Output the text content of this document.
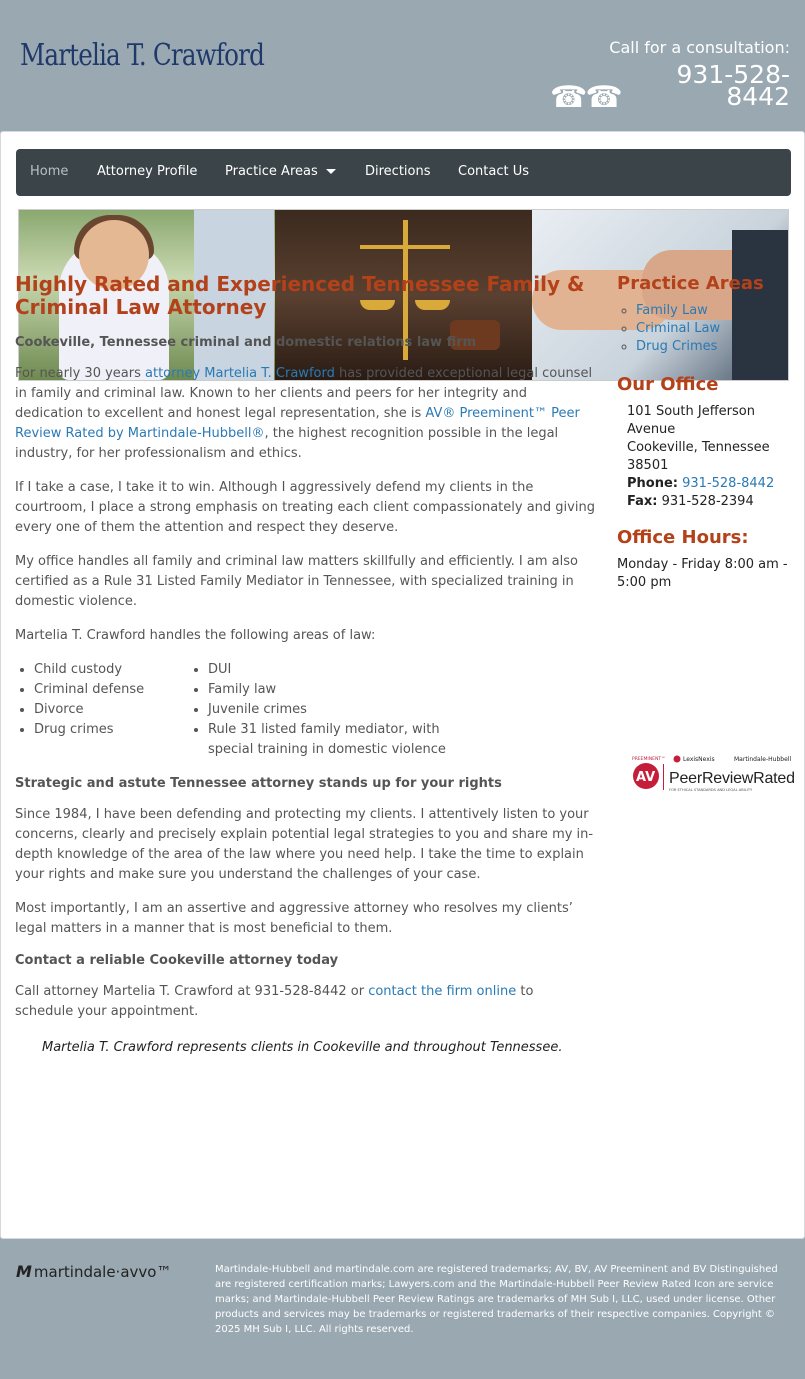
Martelia T. Crawford	Call for a consultation:
☎☎
931-528-8442
Home Attorney Profile Practice Areas	Directions Contact Us
Highly Rated and Experienced Tennessee Family & Criminal Law Attorney
Cookeville, Tennessee criminal and domestic relations law firm

For nearly 30 years attorney Martelia T. Crawford has provided exceptional legal counsel in family and criminal law. Known to her clients and peers for her integrity and dedication to excellent and honest legal representation, she is AV® Preeminent™ Peer Review Rated by Martindale-Hubbell®, the highest recognition possible in the legal industry, for her professionalism and ethics.

If I take a case, I take it to win. Although I aggressively defend my clients in the courtroom, I place a strong emphasis on treating each client compassionately and giving every one of them the attention and respect they deserve.

My office handles all family and criminal law matters skillfully and efficiently. I am also certified as a Rule 31 Listed Family Mediator in Tennessee, with specialized training in domestic violence.

Martelia T. Crawford handles the following areas of law:

• Child custody
• Criminal defense
• Divorce
• Drug crimes
• DUI
• Family law
• Juvenile crimes
• Rule 31 listed family mediator, with special training in domestic violence
Strategic and astute Tennessee attorney stands up for your rights

Since 1984, I have been defending and protecting my clients. I attentively listen to your concerns, clearly and precisely explain potential legal strategies to you and share my in-depth knowledge of the area of the law where you need help. I take the time to explain your rights and make sure you understand the challenges of your case.

Most importantly, I am an assertive and aggressive attorney who resolves my clients’ legal matters in a manner that is most beneficial to them.

Contact a reliable Cookeville attorney today

Call attorney Martelia T. Crawford at 931-528-8442 or contact the firm online to schedule your appointment.

Martelia T. Crawford represents clients in Cookeville and throughout Tennessee.
Practice Areas
◦ Family Law
◦ Criminal Law
◦ Drug Crimes
Our Office
101 South Jefferson Avenue
Cookeville, Tennessee 38501
Phone: 931-528-8442
Fax: 931-528-2394
Office Hours:
Monday - Friday 8:00 am - 5:00 pm
PREEMINENT™	LexisNexis	Martindale-Hubbell
AV PeerReviewRated
FOR ETHICAL STANDARDS AND LEGAL ABILITY
M martindale·avvo™	Martindale-Hubbell and martindale.com are registered trademarks; AV, BV, AV Preeminent and BV Distinguished are registered certification marks; Lawyers.com and the Martindale-Hubbell Peer Review Rated Icon are service marks; and Martindale-Hubbell Peer Review Ratings are trademarks of MH Sub I, LLC, used under license. Other products and services may be trademarks or registered trademarks of their respective companies. Copyright © 2025 MH Sub I, LLC. All rights reserved.
